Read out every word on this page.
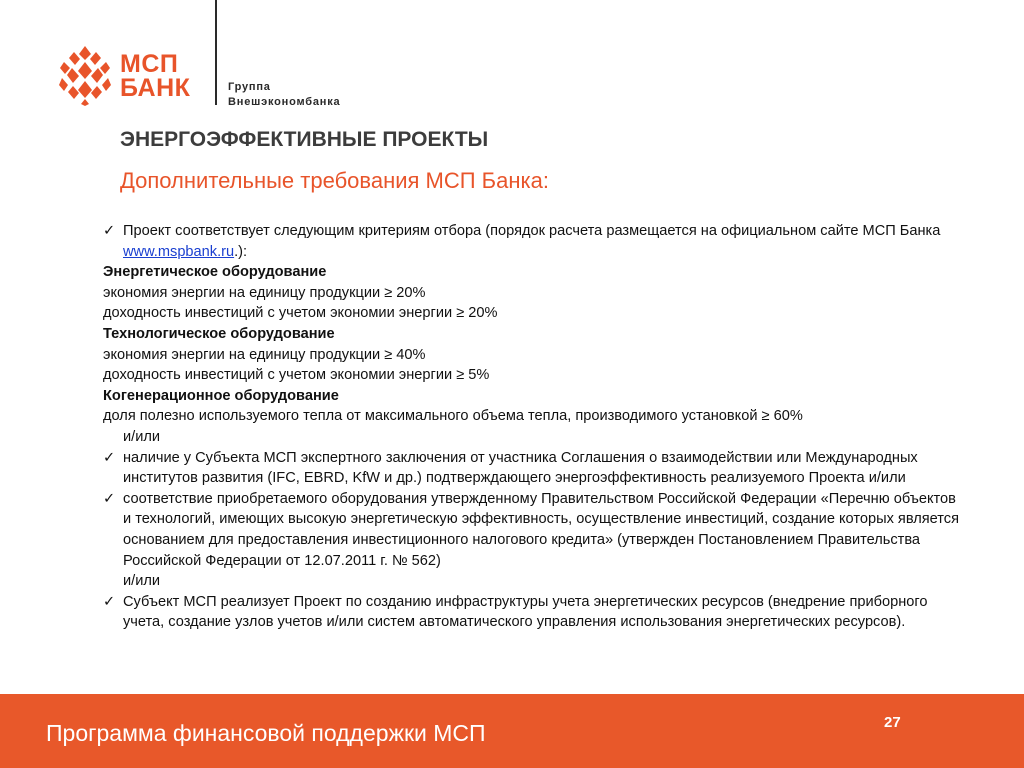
МСП
БАНК	Группа
Внешэкономбанка
ЭНЕРГОЭФФЕКТИВНЫЕ ПРОЕКТЫ
Дополнительные требования МСП Банка:

✓ Проект соответствует следующим критериям отбора (порядок расчета размещается на официальном сайте МСП Банка www.mspbank.ru.):

Энергетическое оборудование

экономия энергии на единицу продукции ≥ 20%

доходность инвестиций с учетом экономии энергии ≥ 20%

Технологическое оборудование

экономия энергии на единицу продукции ≥ 40%

доходность инвестиций с учетом экономии энергии ≥ 5%

Когенерационное оборудование

доля полезно используемого тепла от максимального объема тепла, производимого установкой ≥ 60%

и/или

✓ наличие у Субъекта МСП экспертного заключения от участника Соглашения о взаимодействии или Международных институтов развития (IFC, EBRD, KfW и др.) подтверждающего энергоэффективность реализуемого Проекта и/или

✓ соответствие приобретаемого оборудования утвержденному Правительством Российской Федерации «Перечню объектов и технологий, имеющих высокую энергетическую эффективность, осуществление инвестиций, создание которых является основанием для предоставления инвестиционного налогового кредита» (утвержден Постановлением Правительства Российской Федерации от 12.07.2011 г. № 562)

и/или

✓ Субъект МСП реализует Проект по созданию инфраструктуры учета энергетических ресурсов (внедрение приборного учета, создание узлов учетов и/или систем автоматического управления использования энергетических ресурсов).

Программа финансовой поддержки МСП	27
